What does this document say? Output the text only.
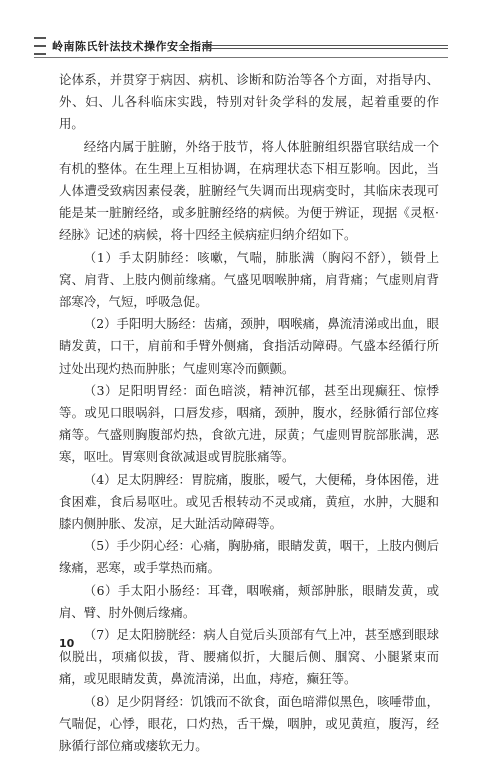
岭南陈氏针法技术操作安全指南

论体系，并贯穿于病因、病机、诊断和防治等各个方面，对指导内、外、妇、儿各科临床实践，特别对针灸学科的发展，起着重要的作用。

经络内属于脏腑，外络于肢节，将人体脏腑组织器官联结成一个有机的整体。在生理上互相协调，在病理状态下相互影响。因此，当人体遭受致病因素侵袭，脏腑经气失调而出现病变时，其临床表现可能是某一脏腑经络，或多脏腑经络的病候。为便于辨证，现据《灵枢·经脉》记述的病候，将十四经主候病症归纳介绍如下。

（1）手太阴肺经：咳嗽，气喘，肺胀满（胸闷不舒），锁骨上窝、肩背、上肢内侧前缘痛。气盛见咽喉肿痛，肩背痛；气虚则肩背部寒冷，气短，呼吸急促。

（2）手阳明大肠经：齿痛，颈肿，咽喉痛，鼻流清涕或出血，眼睛发黄，口干，肩前和手臂外侧痛，食指活动障碍。气盛本经循行所过处出现灼热而肿胀；气虚则寒冷而颤颤。

（3）足阳明胃经：面色暗淡，精神沉郁，甚至出现癫狂、惊悸等。或见口眼㖞斜，口唇发疹，咽痛，颈肿，腹水，经脉循行部位疼痛等。气盛则胸腹部灼热，食欲亢进，尿黄；气虚则胃脘部胀满，恶寒，呕吐。胃寒则食欲减退或胃脘胀痛等。

（4）足太阴脾经：胃脘痛，腹胀，嗳气，大便稀，身体困倦，进食困难，食后易呕吐。或见舌根转动不灵或痛，黄疸，水肿，大腿和膝内侧肿胀、发凉，足大趾活动障碍等。

（5）手少阴心经：心痛，胸胁痛，眼睛发黄，咽干，上肢内侧后缘痛，恶寒，或手掌热而痛。

（6）手太阳小肠经：耳聋，咽喉痛，颊部肿胀，眼睛发黄，或肩、臂、肘外侧后缘痛。

（7）足太阳膀胱经：病人自觉后头顶部有气上冲，甚至感到眼球似脱出，项痛似拔，背、腰痛似折，大腿后侧、腘窝、小腿紧束而痛，或见眼睛发黄，鼻流清涕，出血，痔疮，癫狂等。

（8）足少阴肾经：饥饿而不欲食，面色暗滞似黑色，咳唾带血，气喘促，心悸，眼花，口灼热，舌干燥，咽肿，或见黄疸，腹泻，经脉循行部位痛或瘘软无力。

10
